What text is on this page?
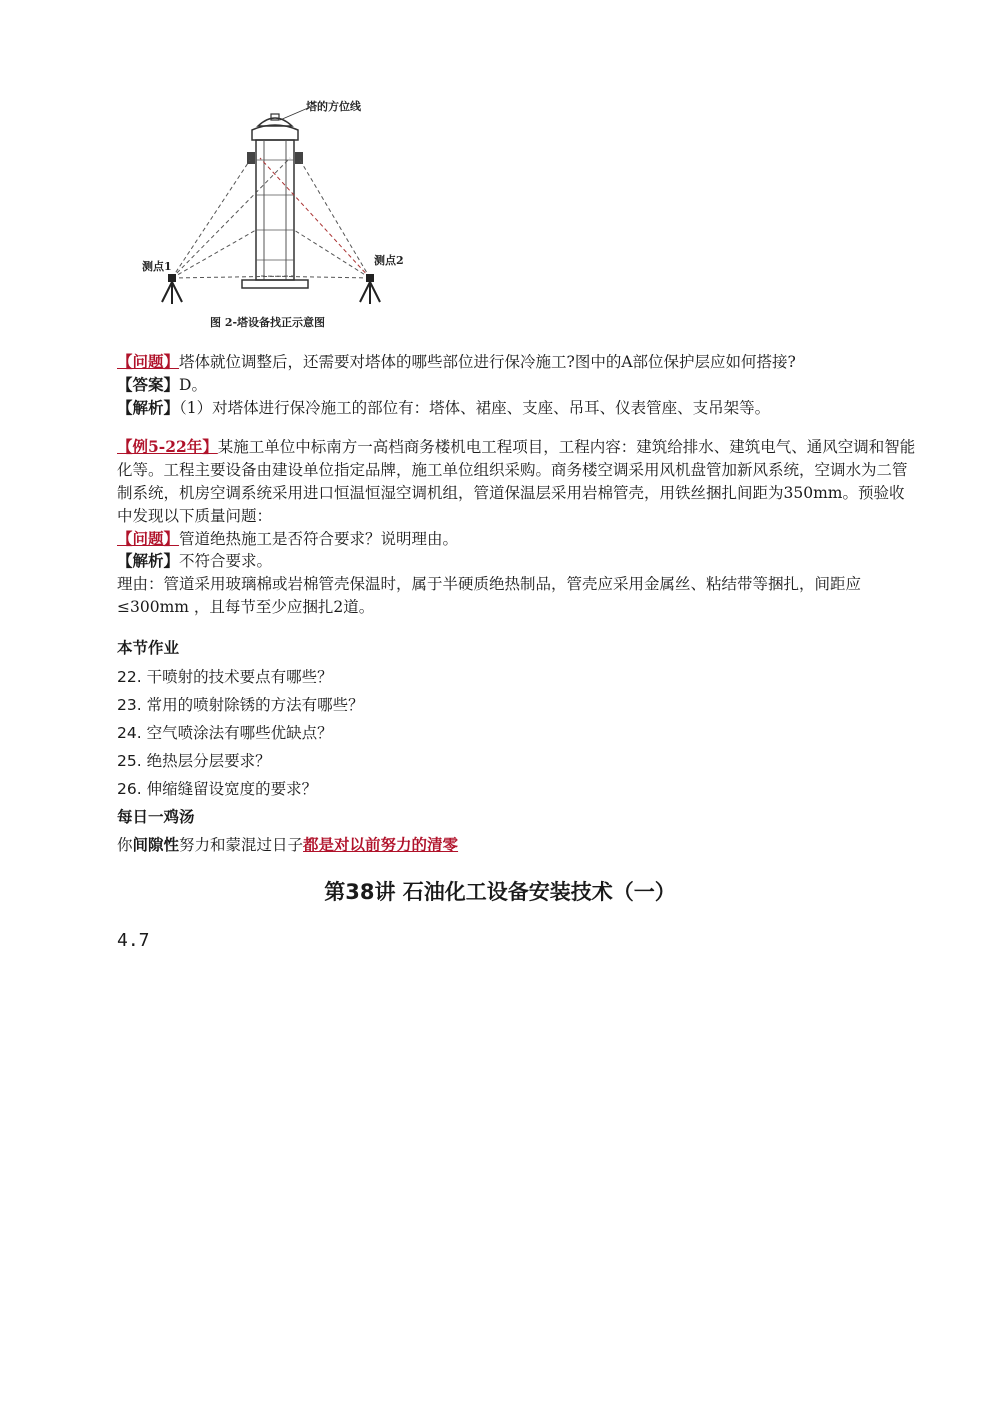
塔的方位线
测点1	测点2
图 2-塔设备找正示意图
【问题】塔体就位调整后，还需要对塔体的哪些部位进行保冷施工?图中的A部位保护层应如何搭接?
【答案】D。
【解析】（1）对塔体进行保冷施工的部位有：塔体、裙座、支座、吊耳、仪表管座、支吊架等。
【例5-22年】某施工单位中标南方一高档商务楼机电工程项目，工程内容：建筑给排水、建筑电气、通风空调和智能化等。工程主要设备由建设单位指定品牌，施工单位组织采购。商务楼空调采用风机盘管加新风系统，空调水为二管制系统，机房空调系统采用进口恒温恒湿空调机组，管道保温层采用岩棉管壳，用铁丝捆扎间距为350mm。预验收中发现以下质量问题：
【问题】管道绝热施工是否符合要求？说明理由。
【解析】不符合要求。
理由：管道采用玻璃棉或岩棉管壳保温时，属于半硬质绝热制品，管壳应采用金属丝、粘结带等捆扎，间距应≤300mm ，且每节至少应捆扎2道。
本节作业
22. 干喷射的技术要点有哪些？
23. 常用的喷射除锈的方法有哪些？
24. 空气喷涂法有哪些优缺点？
25. 绝热层分层要求？
26. 伸缩缝留设宽度的要求？
每日一鸡汤
你间隙性努力和蒙混过日子都是对以前努力的清零
第38讲 石油化工设备安装技术（一）
4.7
